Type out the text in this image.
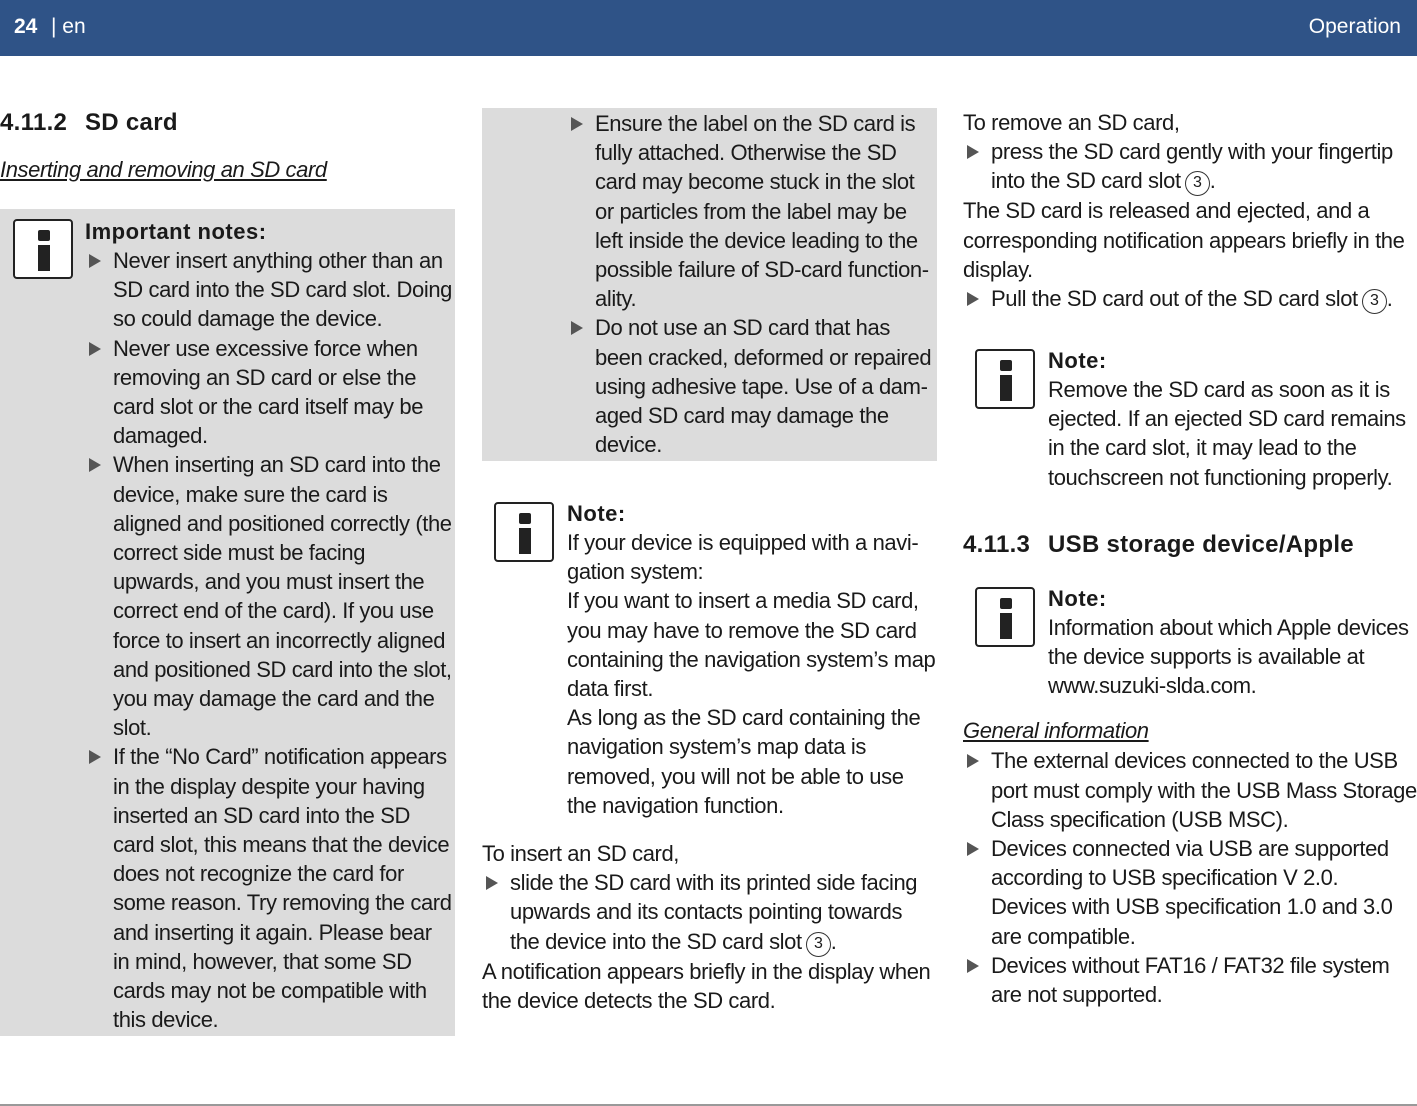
24 | en	Operation
4.11.2 SD card
Inserting and removing an SD card
Important notes:
Never insert anything other than an SD card into the SD card slot. Doing so could damage the device.
Never use excessive force when removing an SD card or else the card slot or the card itself may be damaged.
When inserting an SD card into the device, make sure the card is aligned and positioned correctly (the correct side must be facing upwards, and you must insert the correct end of the card). If you use force to insert an incorrectly aligned and positioned SD card into the slot, you may damage the card and the slot.
If the “No Card” notification appears in the display despite your having inserted an SD card into the SD card slot, this means that the device does not recognize the card for some reason. Try removing the card and inserting it again. Please bear in mind, however, that some SD cards may not be compatible with this device.
Ensure the label on the SD card is fully attached. Otherwise the SD card may become stuck in the slot or particles from the label may be left inside the device leading to the possible failure of SD-card function-ality.
Do not use an SD card that has been cracked, deformed or repaired using adhesive tape. Use of a dam-aged SD card may damage the device.
Note:
If your device is equipped with a navi-gation system:
If you want to insert a media SD card, you may have to remove the SD card containing the navigation system’s map data first.
As long as the SD card containing the navigation system’s map data is removed, you will not be able to use the navigation function.
To insert an SD card,
slide the SD card with its printed side facing upwards and its contacts pointing towards the device into the SD card slot 3 .
A notification appears briefly in the display when the device detects the SD card.
To remove an SD card,
press the SD card gently with your fingertip into the SD card slot 3 .
The SD card is released and ejected, and a corresponding notification appears briefly in the display.
Pull the SD card out of the SD card slot 3 .
Note:
Remove the SD card as soon as it is ejected. If an ejected SD card remains in the card slot, it may lead to the touchscreen not functioning properly.
4.11.3 USB storage device/Apple
Note:
Information about which Apple devices the device supports is available at www.suzuki-slda.com.
General information
The external devices connected to the USB port must comply with the USB Mass Storage Class specification (USB MSC).
Devices connected via USB are supported according to USB specification V 2.0. Devices with USB specification 1.0 and 3.0 are compatible.
Devices without FAT16 / FAT32 file system are not supported.
